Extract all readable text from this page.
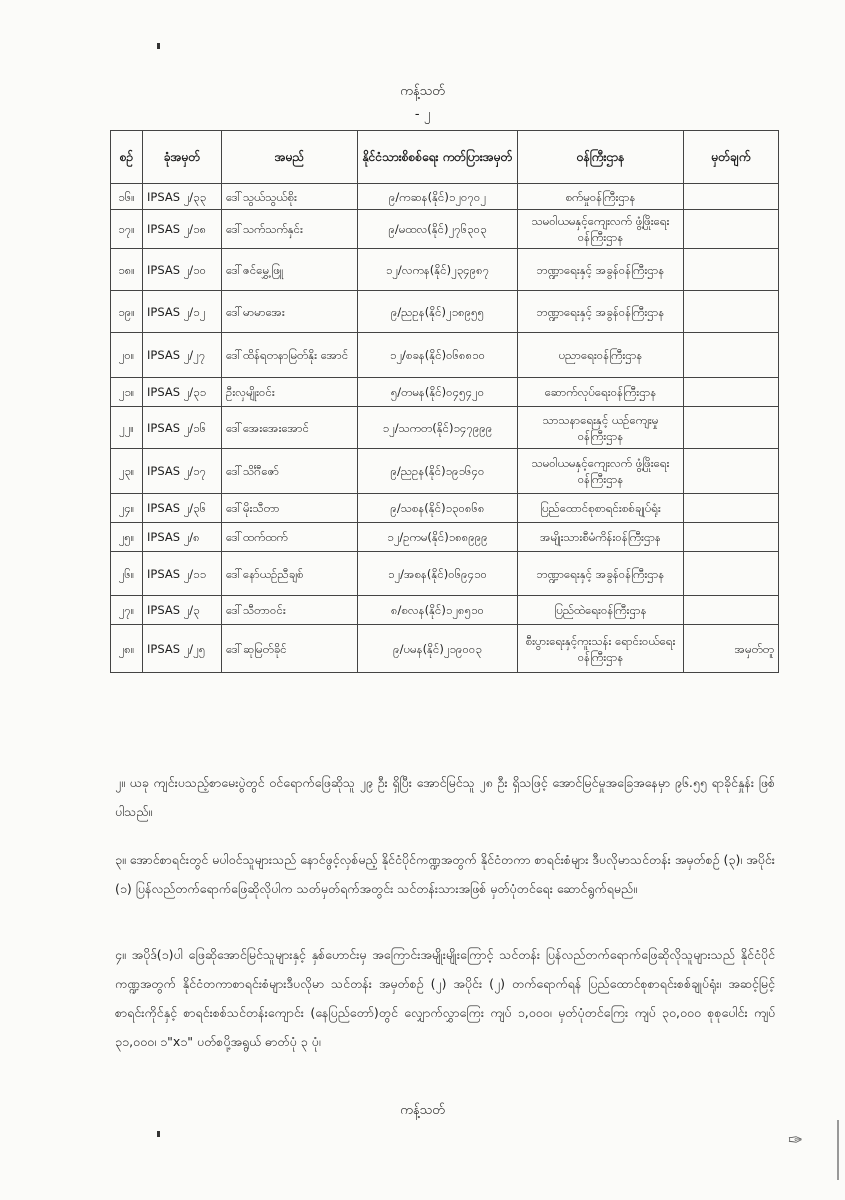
ကန့်သတ်
- ၂
စဉ်	ခုံအမှတ်	အမည်	နိုင်ငံသားစိစစ်ရေး ကတ်ပြားအမှတ်	ဝန်ကြီးဌာန	မှတ်ချက်
၁၆။	IPSAS ၂/၃၃	ဒေါ်သွယ်သွယ်စိုး	၉/ကဆန(နိုင်)၁၂၀၇၀၂	စက်မှုဝန်ကြီးဌာန	
၁၇။	IPSAS ၂/၁၈	ဒေါ်သက်သက်နှင်း	၉/မထလ(နိုင်)၂၇၆၃၀၃	သမဝါယမနှင့်ကျေးလက် ဖွံ့ဖြိုးရေးဝန်ကြီးဌာန	
၁၈။	IPSAS ၂/၁၀	ဒေါ်ဇင်မွှေ့ဖြူ	၁၂/လကန(နိုင်)၂၃၄၉၈၇	ဘဏ္ဍာရေးနှင့် အခွန်ဝန်ကြီးဌာန	
၁၉။	IPSAS ၂/၁၂	ဒေါ်မာမာအေး	၉/ညဥန(နိုင်)၂၁၈၉၅၅	ဘဏ္ဍာရေးနှင့် အခွန်ဝန်ကြီးဌာန	
၂၀။	IPSAS ၂/၂၇	ဒေါ်ထိန်ရတနာမြတ်နိုး အောင်	၁၂/စခန(နိုင်)၀၆၈၈၁၀	ပညာရေးဝန်ကြီးဌာန	
၂၁။	IPSAS ၂/၃၁	ဦးလှမျိုးဝင်း	၅/တမန(နိုင်)၀၄၅၄၂၀	ဆောက်လုပ်ရေးဝန်ကြီးဌာန	
၂၂။	IPSAS ၂/၁၆	ဒေါ်အေးအေးအောင်	၁၂/သကတ(နိုင်)၁၄၇၉၉၉	သာသနာရေးနှင့် ယဉ်ကျေးမှု ဝန်ကြီးဌာန	
၂၃။	IPSAS ၂/၁၇	ဒေါ်သိင်္ဂီဇော်	၉/ညဥန(နိုင်)၁၉၁၆၄၀	သမဝါယမနှင့်ကျေးလက် ဖွံ့ဖြိုးရေးဝန်ကြီးဌာန	
၂၄။	IPSAS ၂/၃၆	ဒေါ်မိုးသီတာ	၉/သစန(နိုင်)၁၃၀၈၆၈	ပြည်ထောင်စုစာရင်းစစ်ချုပ်ရုံး	
၂၅။	IPSAS ၂/၈	ဒေါ်ထက်ထက်	၁၂/ဥကမ(နိုင်)၁၈၈၉၉၉	အမျိုးသားစီမံကိန်းဝန်ကြီးဌာန	
၂၆။	IPSAS ၂/၁၁	ဒေါ်နော်ယဉ်ညီချစ်	၁၂/အစန(နိုင်)၀၆၉၄၁၀	ဘဏ္ဍာရေးနှင့် အခွန်ဝန်ကြီးဌာန	
၂၇။	IPSAS ၂/၃	ဒေါ်သီတာဝင်း	၈/စလန(နိုင်)၁၂၈၅၁၀	ပြည်ထဲရေးဝန်ကြီးဌာန	
၂၈။	IPSAS ၂/၂၅	ဒေါ်ဆုမြတ်ခိုင်	၉/ပမန(နိုင်)၂၁၉၀၀၃	စီးပွားရေးနှင့်ကူးသန်း ရောင်းဝယ်ရေးဝန်ကြီးဌာန	အမှတ်တူ
၂။ ယခု ကျင်းပသည့်စာမေးပွဲတွင် ဝင်ရောက်ဖြေဆိုသူ ၂၉ ဦး ရှိပြီး အောင်မြင်သူ ၂၈ ဦး ရှိသဖြင့် အောင်မြင်မှုအခြေအနေမှာ ၉၆.၅၅ ရာခိုင်နှုန်း ဖြစ်ပါသည်။
၃။ အောင်စာရင်းတွင် မပါဝင်သူများသည် နောင်ဖွင့်လှစ်မည့် နိုင်ငံပိုင်ကဏ္ဍအတွက် နိုင်ငံတကာ စာရင်းစံများ ဒီပလိုမာသင်တန်း အမှတ်စဉ် (၃)၊ အပိုင်း (၁) ပြန်လည်တက်ရောက်ဖြေဆိုလိုပါက သတ်မှတ်ရက်အတွင်း သင်တန်းသားအဖြစ် မှတ်ပုံတင်ရေး ဆောင်ရွက်ရမည်။
၄။ အပိုဒ်(၁)ပါ ဖြေဆိုအောင်မြင်သူများနှင့် နှစ်ဟောင်းမှ အကြောင်းအမျိုးမျိုးကြောင့် သင်တန်း ပြန်လည်တက်ရောက်ဖြေဆိုလိုသူများသည် နိုင်ငံပိုင်ကဏ္ဍအတွက် နိုင်ငံတကာစာရင်းစံများဒီပလိုမာ သင်တန်း အမှတ်စဉ် (၂) အပိုင်း (၂) တက်ရောက်ရန် ပြည်ထောင်စုစာရင်းစစ်ချုပ်ရုံး၊ အဆင့်မြင့် စာရင်းကိုင်နှင့် စာရင်းစစ်သင်တန်းကျောင်း (နေပြည်တော်)တွင် လျှောက်လွှာကြေး ကျပ် ၁,၀၀၀၊ မှတ်ပုံတင်ကြေး ကျပ် ၃၀,၀၀၀ စုစုပေါင်း ကျပ် ၃၁,၀၀၀၊ ၁"x၁" ပတ်စပို့အရွယ် ဓာတ်ပုံ ၃ ပုံ၊
ကန့်သတ်
✑
